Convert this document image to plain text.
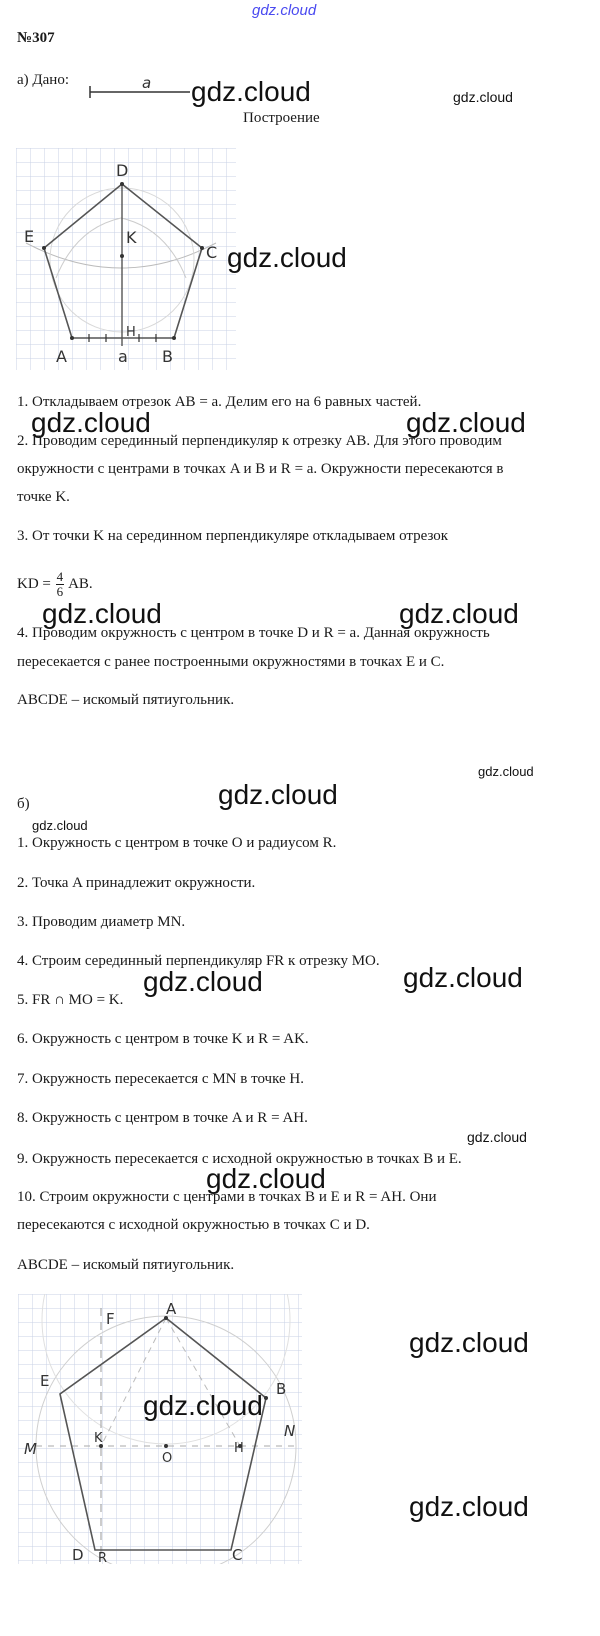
gdz.cloud
№307
а) Дано:	a gdz.cloud	gdz.cloud
Построение
D
E
C
K
H
A	a B
gdz.cloud
1. Откладываем отрезок AB = a. Делим его на 6 равных частей.
gdz.cloud	gdz.cloud
2. Проводим серединный перпендикуляр к отрезку AB. Для этого проводим
окружности с центрами в точках A и B и R = a. Окружности пересекаются в
точке K.
3. От точки K на серединном перпендикуляре откладываем отрезок
KD = $\frac{4}{6}$ AB.
gdz.cloud	gdz.cloud
4. Проводим окружность с центром в точке D и R = a. Данная окружность
пересекается с ранее построенными окружностями в точках E и C.
ABCDE – искомый пятиугольник.
gdz.cloud
б)	gdz.cloud
gdz.cloud
1. Окружность с центром в точке O и радиусом R.
2. Точка A принадлежит окружности.
3. Проводим диаметр MN.
4. Строим серединный перпендикуляр FR к отрезку MO.
gdz.cloud	gdz.cloud
5. FR ∩ MO = K.
6. Окружность с центром в точке K и R = AK.
7. Окружность пересекается с MN в точке H.
8. Окружность с центром в точке A и R = AH.
gdz.cloud
9. Окружность пересекается с исходной окружностью в точках B и E.
gdz.cloud
10. Строим окружности с центрами в точках B и E и R = AH. Они
пересекаются с исходной окружностью в точках C и D.
ABCDE – искомый пятиугольник.
F
A
E	B
M
K
O
H
N
D R	C
gdz.cloud
gdz.cloud
gdz.cloud
